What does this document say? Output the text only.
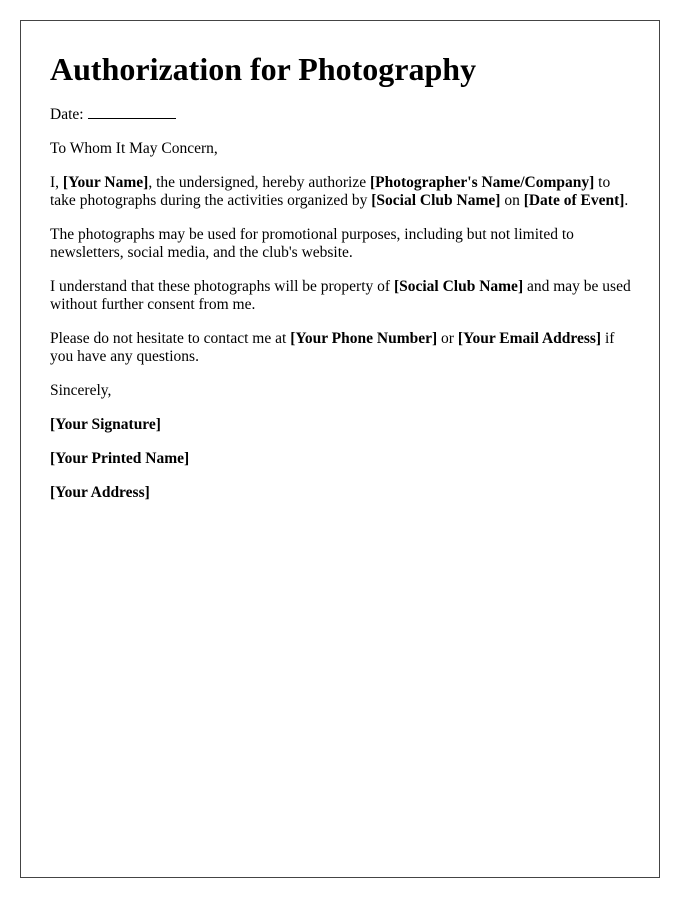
Authorization for Photography

Date:

To Whom It May Concern,

I, [Your Name], the undersigned, hereby authorize [Photographer's Name/Company] to take photographs during the activities organized by [Social Club Name] on [Date of Event].

The photographs may be used for promotional purposes, including but not limited to newsletters, social media, and the club's website.

I understand that these photographs will be property of [Social Club Name] and may be used without further consent from me.

Please do not hesitate to contact me at [Your Phone Number] or [Your Email Address] if you have any questions.

Sincerely,

[Your Signature]

[Your Printed Name]

[Your Address]
